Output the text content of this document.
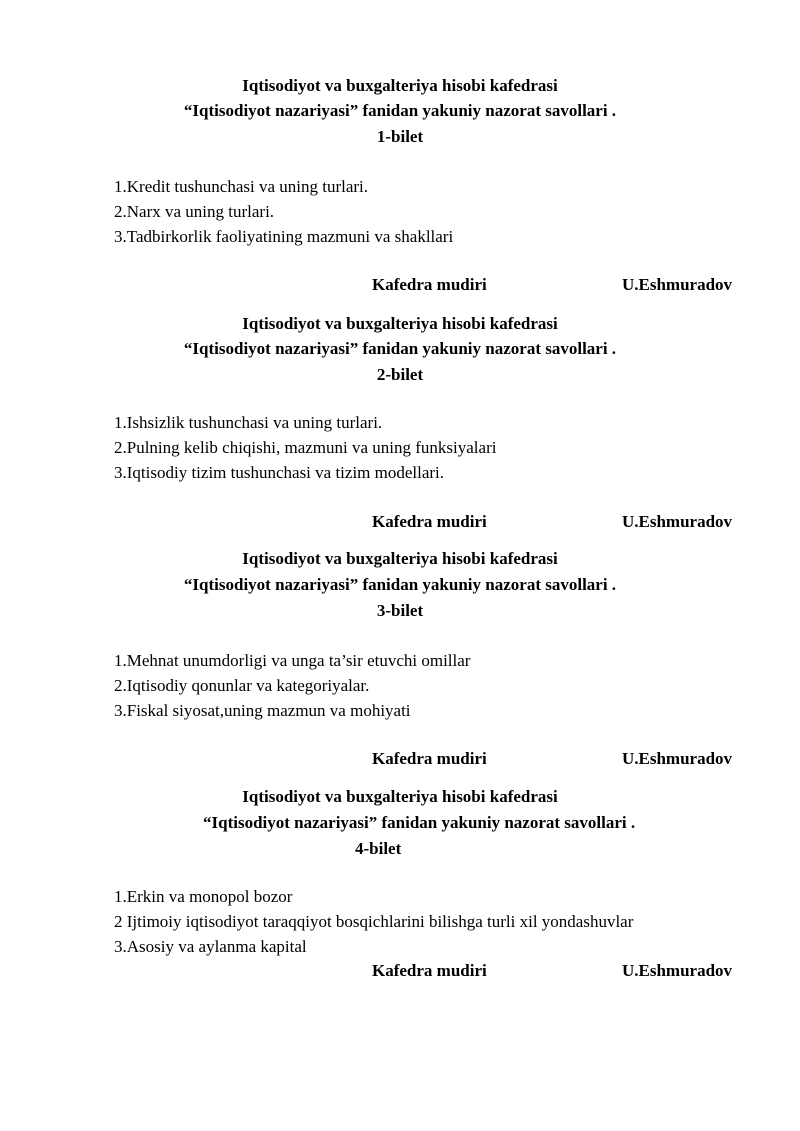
Iqtisodiyot va buxgalteriya hisobi kafedrasi
“Iqtisodiyot nazariyasi” fanidan yakuniy nazorat savollari .
1-bilet
1.Kredit tushunchasi va uning turlari.
2.Narx va uning turlari.
3.Tadbirkorlik faoliyatining mazmuni va shakllari
Kafedra mudiri	U.Eshmuradov
Iqtisodiyot va buxgalteriya hisobi kafedrasi
“Iqtisodiyot nazariyasi” fanidan yakuniy nazorat savollari .
2-bilet
1.Ishsizlik tushunchasi va uning turlari.
2.Pulning kelib chiqishi, mazmuni va uning funksiyalari
3.Iqtisodiy tizim tushunchasi va tizim modellari.
Kafedra mudiri	U.Eshmuradov
Iqtisodiyot va buxgalteriya hisobi kafedrasi
“Iqtisodiyot nazariyasi” fanidan yakuniy nazorat savollari .
3-bilet
1.Mehnat unumdorligi va unga ta’sir etuvchi omillar
2.Iqtisodiy qonunlar va kategoriyalar.
3.Fiskal siyosat,uning mazmun va mohiyati
Kafedra mudiri	U.Eshmuradov
Iqtisodiyot va buxgalteriya hisobi kafedrasi
“Iqtisodiyot nazariyasi” fanidan yakuniy nazorat savollari .
4-bilet
1.Erkin va monopol bozor
2 Ijtimoiy iqtisodiyot taraqqiyot bosqichlarini bilishga turli xil yondashuvlar
3.Asosiy va aylanma kapital
Kafedra mudiri	U.Eshmuradov
